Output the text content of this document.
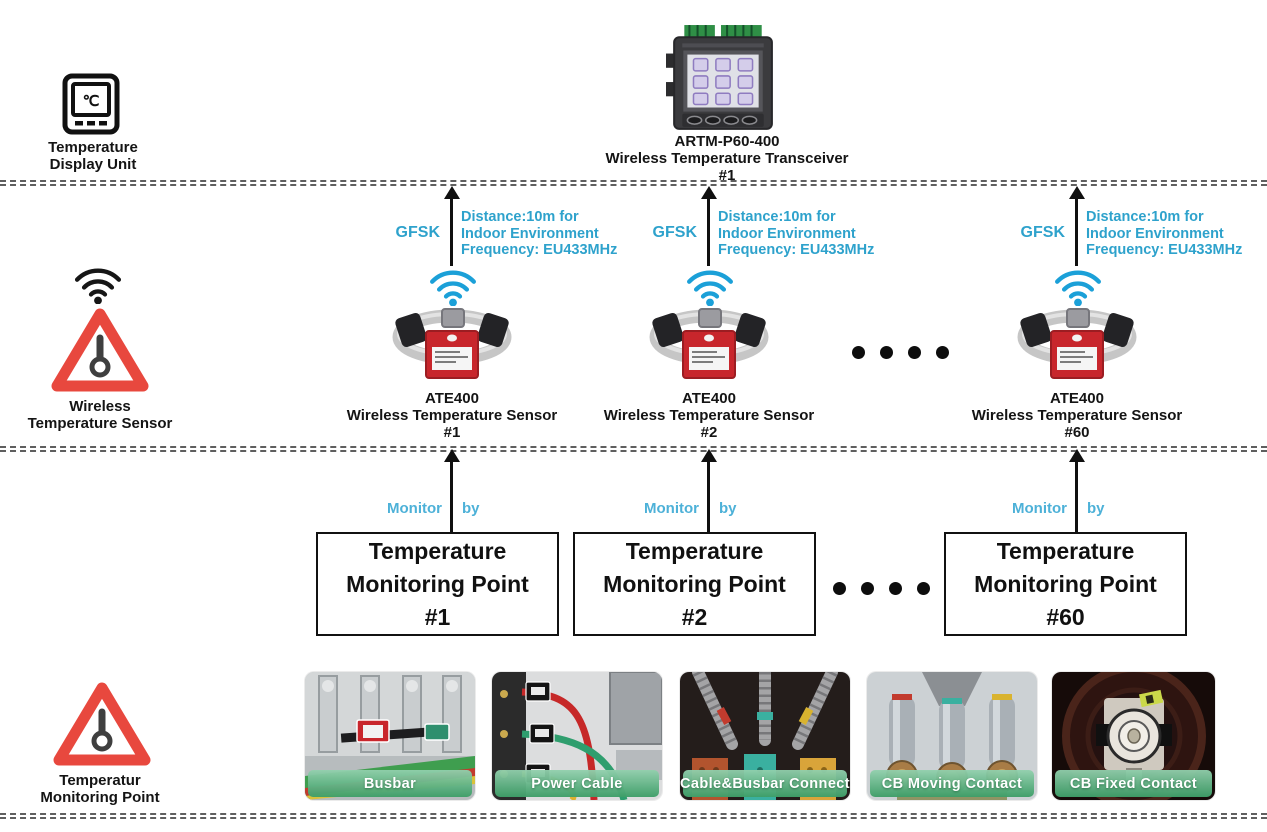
℃
Temperature
Display Unit
Wireless
Temperature Sensor
Temperatur
Monitoring Point
ARTM-P60-400
Wireless Temperature Transceiver
#1
GFSK
Distance:10m for
Indoor Environment
Frequency: EU433MHz
ATE400
Wireless Temperature Sensor
#1
GFSK
Distance:10m for
Indoor Environment
Frequency: EU433MHz
ATE400
Wireless Temperature Sensor
#2
GFSK
Distance:10m for
Indoor Environment
Frequency: EU433MHz
ATE400
Wireless Temperature Sensor
#60
Monitor by
Temperature
Monitoring Point
#1
Monitor by
Temperature
Monitoring Point
#2
Monitor by
Temperature
Monitoring Point
#60
Busbar	Power Cable	Cable&Busbar Connect	CB Moving Contact	CB Fixed Contact
